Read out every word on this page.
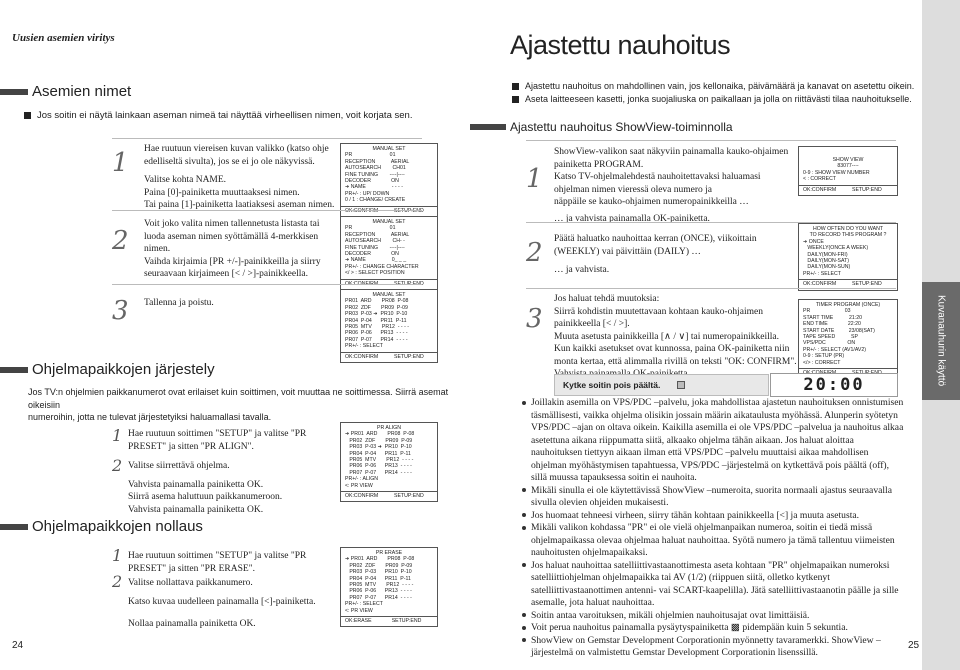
Uusien asemien viritys
Asemien nimet
Jos soitin ei näytä lainkaan aseman nimeä tai näyttää virheellisen nimen, voit korjata sen.
1 Hae ruutuun viereisen kuvan valikko (katso ohje
edelliseltä sivulta), jos se ei jo ole näkyvissä.
Valitse kohta NAME.
Paina [0]-painiketta muuttaaksesi nimen.
Tai paina [1]-painiketta laatiaksesi aseman nimen.
MANUAL SET
PR                          01
RECEPTION           AERIAL
AUTOSEARCH        CH01
FINE TUNING        ----|----
DECODER              ON
➜ NAME                  - - - -
PR+/- : UP/ DOWN
0 / 1 : CHANGE/ CREATE
OK:CONFIRM           SETUP:END
2
Voit joko valita nimen tallennetusta listasta tai
luoda aseman nimen syöttämällä 4-merkkisen
nimen.
Vaihda kirjaimia [PR +/-]-painikkeilla ja siirry
seuraavaan kirjaimeen [< / >]-painikkeella.
MANUAL SET
PR                          01
RECEPTION           AERIAL
AUTOSEARCH        CH- -
FINE TUNING        ----|----
DECODER              ON
➜ NAME                  0_ _ _
PR+/- : CHANGE CHARACTER
</ > : SELECT POSITION
OK:CONFIRM           SETUP:END
3 Tallenna ja poistu.
MANUAL SET
PR01  ARD       PR08  P-08
PR02  ZDF       PR09  P-09
PR03  P-03 ➜  PR10  P-10
PR04  P-04      PR11  P-11
PR05  MTV       PR12  - - - -
PR06  P-06      PR13  - - - -
PR07  P-07      PR14  - - - -
PR+/- : SELECT
OK:CONFIRM           SETUP:END
Ohjelmapaikkojen järjestely
Jos TV:n ohjelmien paikkanumerot ovat erilaiset kuin soittimen, voit muuttaa ne soittimessa. Siirrä asemat oikeisiin
numeroihin, jotta ne tulevat järjestetyiksi haluamallasi tavalla.
1 Hae ruutuun soittimen "SETUP" ja valitse "PR
PRESET" ja sitten "PR ALIGN".
2 Valitse siirrettävä ohjelma.
Vahvista painamalla painiketta OK.
Siirrä asema haluttuun paikkanumeroon.
Vahvista painamalla painiketta OK.
PR ALIGN
➜ PR01  ARD       PR08  P-08
PR02  ZDF       PR09  P-09
PR03  P-03 ➜  PR10  P-10
PR04  P-04      PR11  P-11
PR05  MTV       PR12  - - - -
PR06  P-06      PR13  - - - -
PR07  P-07      PR14  - - - -
PR+/- : ALIGN
<: PR VIEW
OK:CONFIRM           SETUP:END
Ohjelmapaikkojen nollaus
1 Hae ruutuun soittimen "SETUP" ja valitse "PR
PRESET" ja sitten "PR ERASE".
2 Valitse nollattava paikkanumero.
Katso kuvaa uudelleen painamalla [<]-painiketta.
Nollaa painamalla painiketta OK.
PR ERASE
➜ PR01  ARD       PR08  P-08
PR02  ZDF       PR09  P-09
PR03  P-03      PR10  P-10
PR04  P-04      PR11  P-11
PR05  MTV       PR12  - - - -
PR06  P-06      PR13  - - - -
PR07  P-07      PR14  - - - -
PR+/- : SELECT
<: PR VIEW
OK:ERASE              SETUP:END
24
Ajastettu nauhoitus
Ajastettu nauhoitus on mahdollinen vain, jos kellonaika, päivämäärä ja kanavat on asetettu oikein.
Aseta laitteeseen kasetti, jonka suojaliuska on paikallaan ja jolla on riittävästi tilaa nauhoitukselle.
Ajastettu nauhoitus ShowView-toiminnolla
1
ShowView-valikon saat näkyviin painamalla kauko-ohjaimen
painiketta PROGRAM.
Katso TV-ohjelmalehdestä nauhoitettavaksi haluamasi
ohjelman nimen vieressä oleva numero ja
näppäile se kauko-ohjaimen numeropainikkeilla …
… ja vahvista painamalla OK-painiketta.
SHOW VIEW
83077----
0-9 : SHOW VIEW NUMBER
< : CORRECT
OK:CONFIRM           SETUP:END
2 Päätä haluatko nauhoittaa kerran (ONCE), viikoittain
(WEEKLY) vai päivittäin (DAILY) …
… ja vahvista.
HOW OFTEN DO YOU WANT
TO RECORD THIS PROGRAM ?
➜ ONCE
WEEKLY(ONCE A WEEK)
DAILY(MON-FRI)
DAILY(MON-SAT)
DAILY(MON-SUN)
PR+/- : SELECT
OK:CONFIRM           SETUP:END
3
Jos haluat tehdä muutoksia:
Siirrä kohdistin muutettavaan kohtaan kauko-ohjaimen
painikkeella [< / >].
Muuta asetusta painikkeilla [∧ / ∨] tai numeropainikkeilla.
Kun kaikki asetukset ovat kunnossa, paina OK-painiketta niin
monta kertaa, että alimmalla rivillä on teksti "OK: CONFIRM".
TIMER PROGRAM (ONCE)
PR                        03
START TIME           21:20
END TIME              22:20
START DATE          23/08(SAT)
TAPE SPEED           SP
VPS/PDC               ON
PR+/- : SELECT (AV1/AV2)
0-9 : SETUP (PR)
</> : CORRECT
Kytke soitin pois päältä.	20:00
Joillakin asemilla on VPS/PDC –palvelu, joka mahdollistaa ajastetun nauhoituksen onnistumisen täsmällisesti, vaikka ohjelma olisikin jossain määrin aikataulusta myöhässä. Alunperin syötetyn VPS/PDC –ajan on oltava oikein. Kaikilla asemilla ei ole VPS/PDC –palvelua ja nauhoitus alkaa asetettuna aikana riippumatta siitä, alkaako ohjelma tähän aikaan. Jos haluat aloittaa nauhoituksen tiettyyn aikaan ilman että VPS/PDC –palvelu muuttaisi aikaa mahdollisen ohjelman myöhästymisen tapahtuessa, VPS/PDC –järjestelmä on kytkettävä pois päältä (off), sillä muussa tapauksessa soitin ei nauhoita.
Mikäli sinulla ei ole käytettävissä ShowView –numeroita, suorita normaali ajastus seuraavalla sivulla olevien ohjeiden mukaisesti.
Jos huomaat tehneesi virheen, siirry tähän kohtaan painikkeella [<] ja muuta asetusta.
Mikäli valikon kohdassa "PR" ei ole vielä ohjelmanpaikan numeroa, soitin ei tiedä missä ohjelmapaikassa olevaa ohjelmaa haluat nauhoittaa. Syötä numero ja tämä tallentuu viimeisten nauhoitusten ohjelmapaikaksi.
Jos haluat nauhoittaa satelliittivastaanottimesta aseta kohtaan "PR" ohjelmapaikan numeroksi satelliittiohjelman ohjelmapaikka tai AV (1/2) (riippuen siitä, olletko kytkenyt satelliittivastaanottimen antenni- vai SCART-kaapelilla). Jätä satelliittivastaanotin päälle ja sille asemalle, jota haluat nauhoittaa.
Soitin antaa varoituksen, mikäli ohjelmien nauhoitusajat ovat limittäisiä.
Voit perua nauhoitus painamalla pysäytyspainiketta ▩ pidempään kuin 5 sekuntia.
ShowView on Gemstar Development Corporationin myönnetty tavaramerkki. ShowView –järjestelmä on valmistettu Gemstar Development Corporationin lisenssillä.
Kuvanauhurin käyttö
25
